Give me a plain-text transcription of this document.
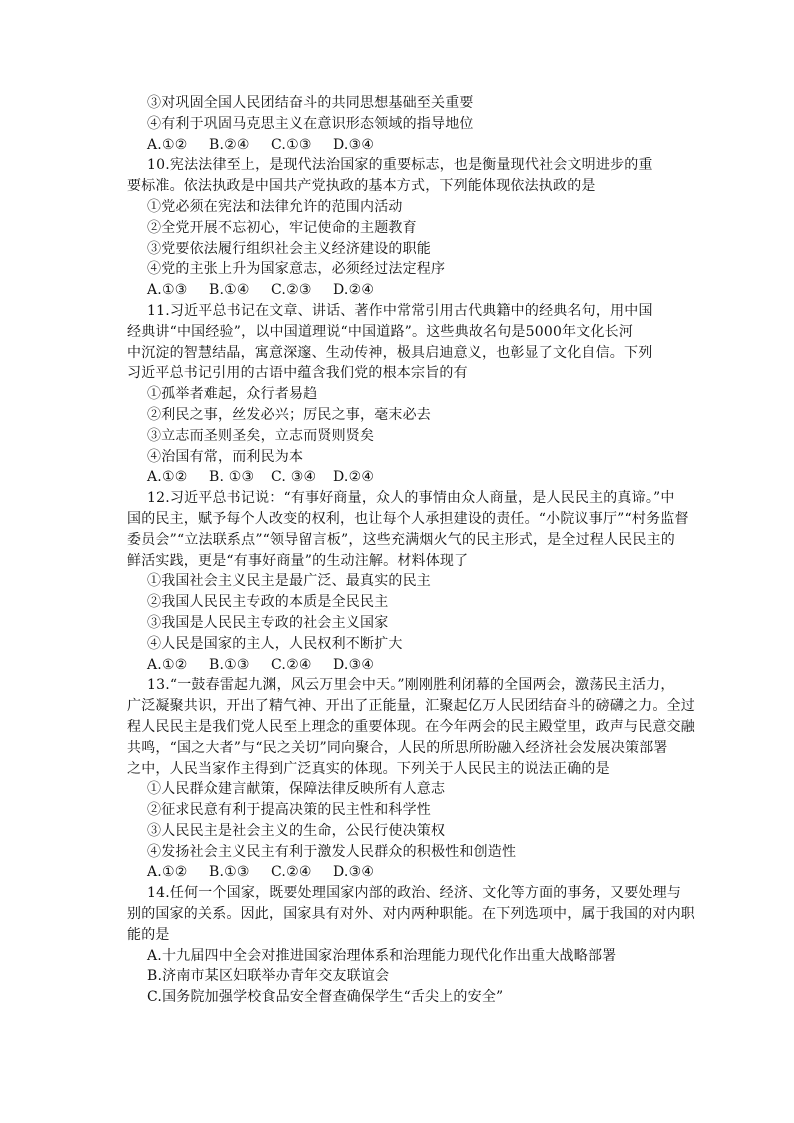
③对巩固全国人民团结奋斗的共同思想基础至关重要
④有利于巩固马克思主义在意识形态领域的指导地位
A.①② B.②④ C.①③ D.③④
10.宪法法律至上，是现代法治国家的重要标志，也是衡量现代社会文明进步的重
要标准。依法执政是中国共产党执政的基本方式，下列能体现依法执政的是
①党必须在宪法和法律允许的范围内活动
②全党开展不忘初心，牢记使命的主题教育
③党要依法履行组织社会主义经济建设的职能
④党的主张上升为国家意志，必须经过法定程序
A.①③ B.①④ C.②③ D.②④
11.习近平总书记在文章、讲话、著作中常常引用古代典籍中的经典名句，用中国
经典讲“中国经验”，以中国道理说“中国道路”。这些典故名句是5000年文化长河
中沉淀的智慧结晶，寓意深邃、生动传神，极具启迪意义，也彰显了文化自信。下列
习近平总书记引用的古语中蕴含我们党的根本宗旨的有
①孤举者难起，众行者易趋
②利民之事，丝发必兴；厉民之事，毫末必去
③立志而圣则圣矣，立志而贤则贤矣
④治国有常，而利民为本
A.①② B. ①③ C. ③④ D.②④
12.习近平总书记说：“有事好商量，众人的事情由众人商量，是人民民主的真谛。”中
国的民主，赋予每个人改变的权利，也让每个人承担建设的责任。“小院议事厅”“村务监督
委员会”“立法联系点”“领导留言板”，这些充满烟火气的民主形式，是全过程人民民主的
鲜活实践，更是“有事好商量”的生动注解。材料体现了
①我国社会主义民主是最广泛、最真实的民主
②我国人民民主专政的本质是全民民主
③我国是人民民主专政的社会主义国家
④人民是国家的主人，人民权利不断扩大
A.①② B.①③ C.②④ D.③④
13.“一鼓春雷起九渊，风云万里会中天。”刚刚胜利闭幕的全国两会，激荡民主活力，
广泛凝聚共识，开出了精气神、开出了正能量，汇聚起亿万人民团结奋斗的磅礴之力。全过
程人民民主是我们党人民至上理念的重要体现。在今年两会的民主殿堂里，政声与民意交融
共鸣，“国之大者”与“民之关切”同向聚合，人民的所思所盼融入经济社会发展决策部署
之中，人民当家作主得到广泛真实的体现。下列关于人民民主的说法正确的是
①人民群众建言献策，保障法律反映所有人意志
②征求民意有利于提高决策的民主性和科学性
③人民民主是社会主义的生命，公民行使决策权
④发扬社会主义民主有利于激发人民群众的积极性和创造性
A.①② B.①③ C.②④ D.③④
14.任何一个国家，既要处理国家内部的政治、经济、文化等方面的事务，又要处理与
别的国家的关系。因此，国家具有对外、对内两种职能。在下列选项中，属于我国的对内职
能的是
A.十九届四中全会对推进国家治理体系和治理能力现代化作出重大战略部署
B.济南市某区妇联举办青年交友联谊会
C.国务院加强学校食品安全督查确保学生“舌尖上的安全”
